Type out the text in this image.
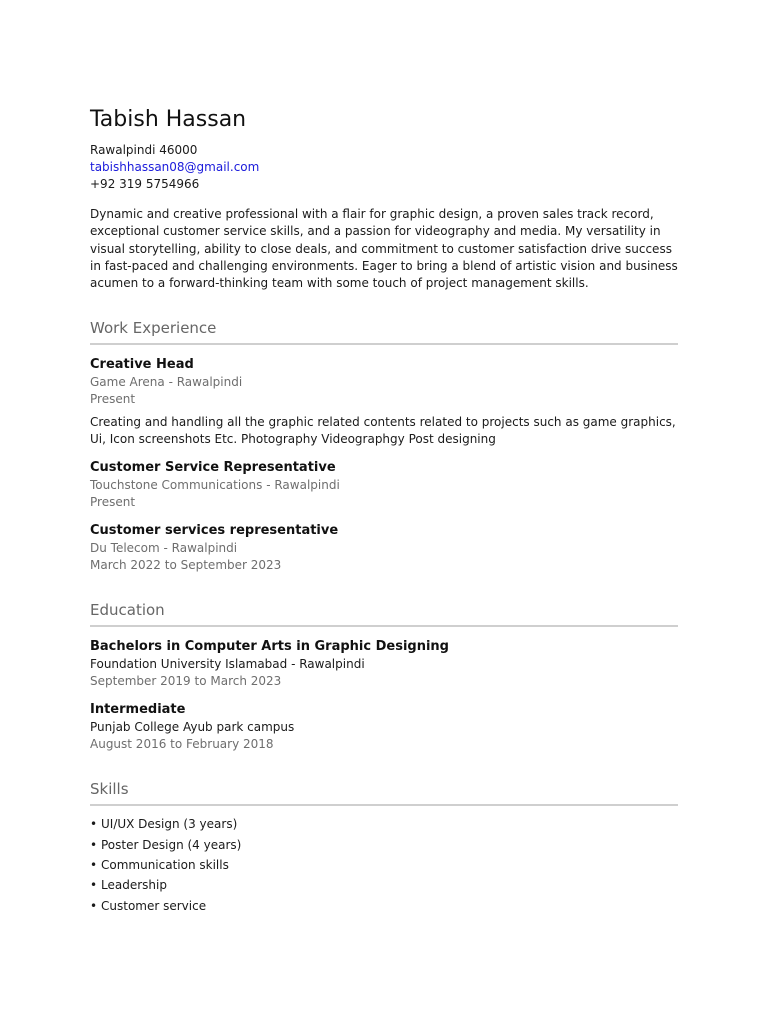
Tabish Hassan
Rawalpindi 46000
tabishhassan08@gmail.com
+92 319 5754966
Dynamic and creative professional with a flair for graphic design, a proven sales track record, exceptional customer service skills, and a passion for videography and media. My versatility in visual storytelling, ability to close deals, and commitment to customer satisfaction drive success in fast-paced and challenging environments. Eager to bring a blend of artistic vision and business acumen to a forward-thinking team with some touch of project management skills.
Work Experience
Creative Head
Game Arena - Rawalpindi
Present
Creating and handling all the graphic related contents related to projects such as game graphics, Ui, Icon screenshots Etc. Photography Videographgy Post designing
Customer Service Representative
Touchstone Communications - Rawalpindi
Present
Customer services representative
Du Telecom - Rawalpindi
March 2022 to September 2023
Education
Bachelors in Computer Arts in Graphic Designing
Foundation University Islamabad - Rawalpindi
September 2019 to March 2023
Intermediate
Punjab College Ayub park campus
August 2016 to February 2018
Skills
• UI/UX Design (3 years)
• Poster Design (4 years)
• Communication skills
• Leadership
• Customer service
